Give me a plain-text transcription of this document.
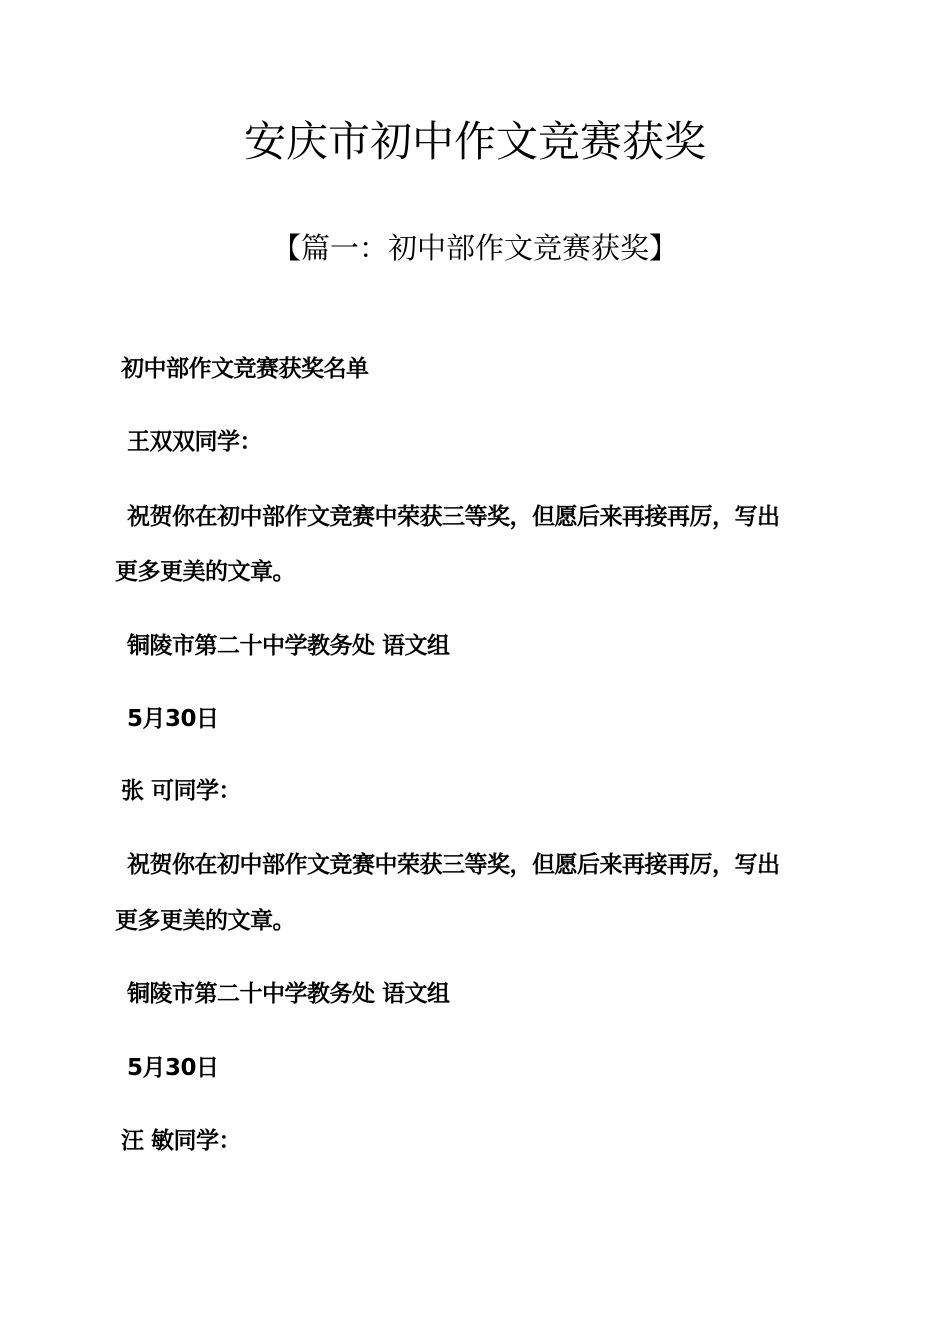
安庆市初中作文竞赛获奖
【篇一：初中部作文竞赛获奖】
初中部作文竞赛获奖名单
王双双同学：
祝贺你在初中部作文竞赛中荣获三等奖，但愿后来再接再厉，写出
更多更美的文章。
铜陵市第二十中学教务处 语文组
5月30日
张 可同学：
祝贺你在初中部作文竞赛中荣获三等奖，但愿后来再接再厉，写出
更多更美的文章。
铜陵市第二十中学教务处 语文组
5月30日
汪 敏同学：
